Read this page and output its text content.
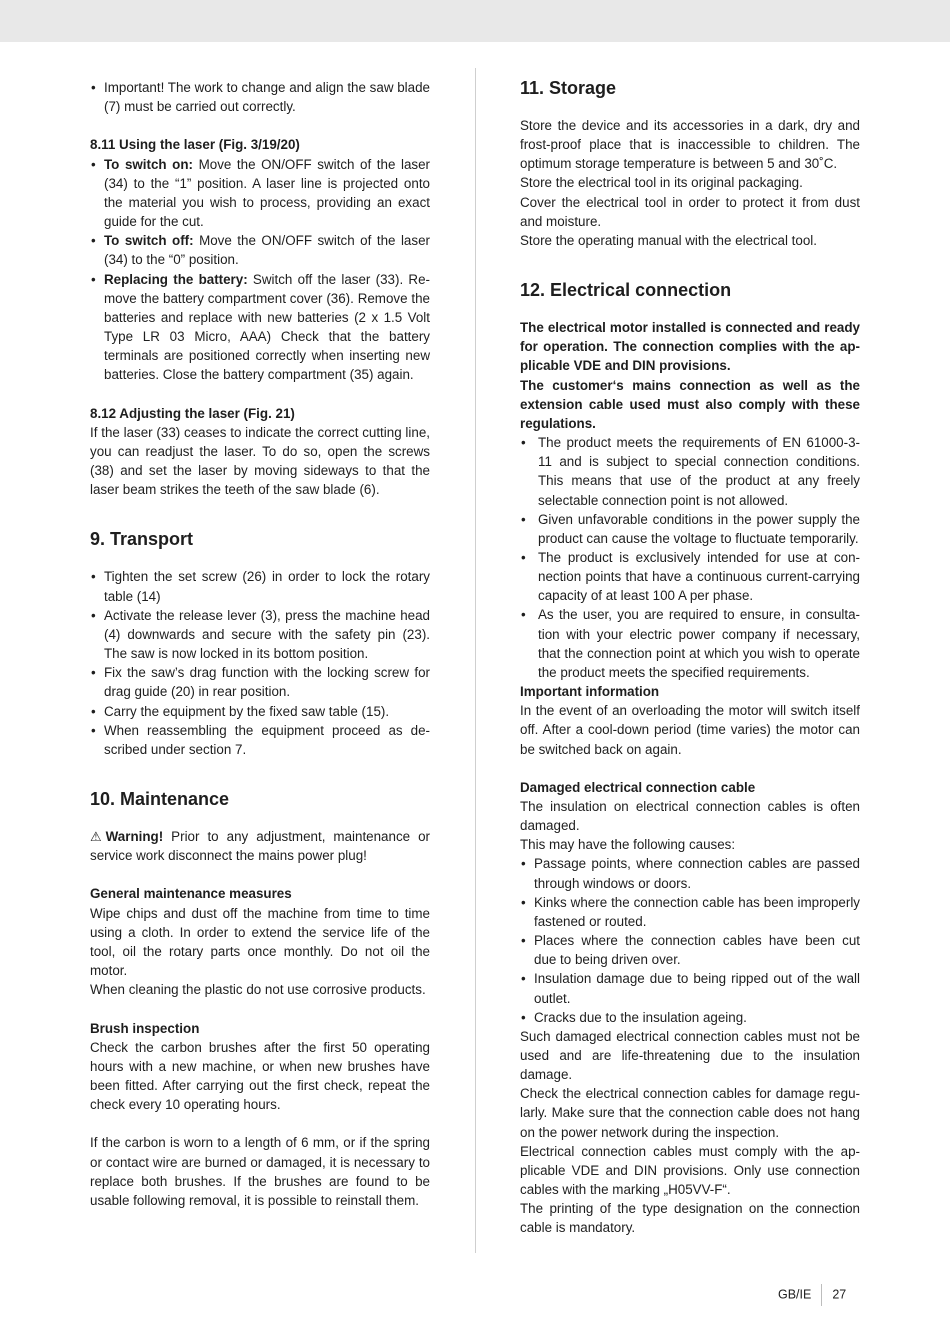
• Important! The work to change and align the saw blade (7) must be carried out correctly.

8.11 Using the laser (Fig. 3/19/20)

• To switch on: Move the ON/OFF switch of the laser (34) to the “1” position. A laser line is projected onto the material you wish to process, providing an exact guide for the cut.
• To switch off: Move the ON/OFF switch of the laser (34) to the “0” position.
• Replacing the battery: Switch off the laser (33). Re-move the battery compartment cover (36). Remove the batteries and replace with new batteries (2 x 1.5 Volt Type LR 03 Micro, AAA) Check that the battery terminals are positioned correctly when inserting new batteries. Close the battery compartment (35) again.

8.12 Adjusting the laser (Fig. 21)

If the laser (33) ceases to indicate the correct cutting line, you can readjust the laser. To do so, open the screws (38) and set the laser by moving sideways to that the laser beam strikes the teeth of the saw blade (6).

9. Transport
• Tighten the set screw (26) in order to lock the rotary table (14)
• Activate the release lever (3), press the machine head (4) downwards and secure with the safety pin (23). The saw is now locked in its bottom position.
• Fix the saw’s drag function with the locking screw for drag guide (20) in rear position.
• Carry the equipment by the fixed saw table (15).
• When reassembling the equipment proceed as de-scribed under section 7.
10. Maintenance

⚠ Warning! Prior to any adjustment, maintenance or service work disconnect the mains power plug!

General maintenance measures

Wipe chips and dust off the machine from time to time using a cloth. In order to extend the service life of the tool, oil the rotary parts once monthly. Do not oil the motor.

When cleaning the plastic do not use corrosive products.

Brush inspection

Check the carbon brushes after the first 50 operating hours with a new machine, or when new brushes have been fitted. After carrying out the first check, repeat the check every 10 operating hours.

If the carbon is worn to a length of 6 mm, or if the spring or contact wire are burned or damaged, it is necessary to replace both brushes. If the brushes are found to be usable following removal, it is possible to reinstall them.

11. Storage

Store the device and its accessories in a dark, dry and frost-proof place that is inaccessible to children. The optimum storage temperature is between 5 and 30˚C.

Store the electrical tool in its original packaging.

Cover the electrical tool in order to protect it from dust and moisture.

Store the operating manual with the electrical tool.

12. Electrical connection

The electrical motor installed is connected and ready for operation. The connection complies with the ap-plicable VDE and DIN provisions.

The customer‘s mains connection as well as the extension cable used must also comply with these regulations.

• The product meets the requirements of EN 61000-3-11 and is subject to special connection conditions. This means that use of the product at any freely selectable connection point is not allowed.
• Given unfavorable conditions in the power supply the product can cause the voltage to fluctuate temporarily.
• The product is exclusively intended for use at con-nection points that have a continuous current-carrying capacity of at least 100 A per phase.
• As the user, you are required to ensure, in consulta-tion with your electric power company if necessary, that the connection point at which you wish to operate the product meets the specified requirements.

Important information

In the event of an overloading the motor will switch itself off. After a cool-down period (time varies) the motor can be switched back on again.

Damaged electrical connection cable

The insulation on electrical connection cables is often damaged.

This may have the following causes:

• Passage points, where connection cables are passed through windows or doors.
• Kinks where the connection cable has been improperly fastened or routed.
• Places where the connection cables have been cut due to being driven over.
• Insulation damage due to being ripped out of the wall outlet.
• Cracks due to the insulation ageing.

Such damaged electrical connection cables must not be used and are life-threatening due to the insulation damage.

Check the electrical connection cables for damage regu-larly. Make sure that the connection cable does not hang on the power network during the inspection.

Electrical connection cables must comply with the ap-plicable VDE and DIN provisions. Only use connection cables with the marking „H05VV-F“.

The printing of the type designation on the connection cable is mandatory.

GB/IE 27
